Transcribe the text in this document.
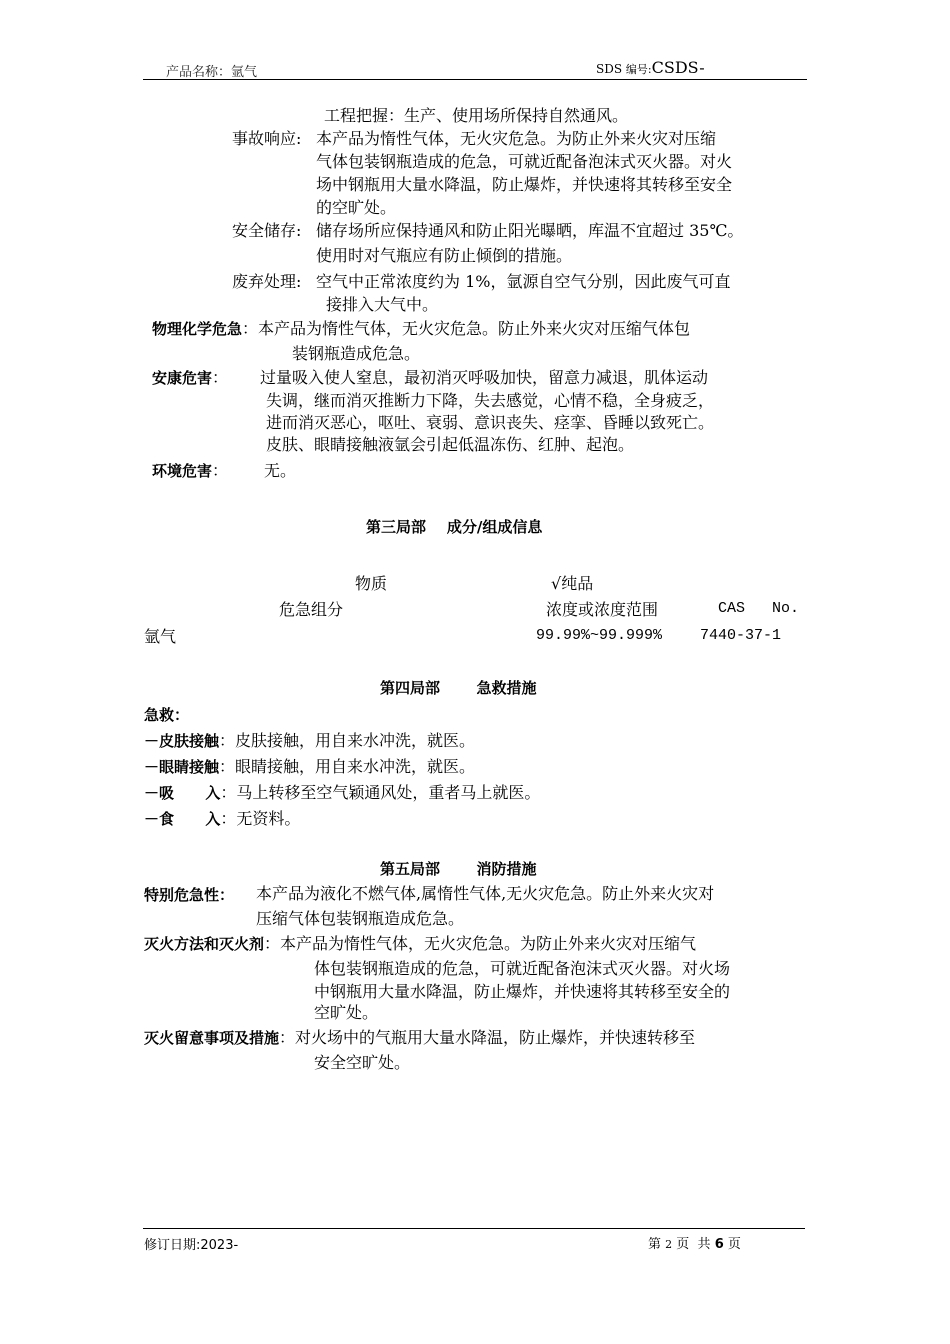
产品名称：氩气	SDS 编号:CSDS-
工程把握：生产、使用场所保持自然通风。
事故响应: 本产品为惰性气体，无火灾危急。为防止外来火灾对压缩
气体包装钢瓶造成的危急，可就近配备泡沫式灭火器。对火
场中钢瓶用大量水降温，防止爆炸，并快速将其转移至安全
的空旷处。
安全储存: 储存场所应保持通风和防止阳光曝晒，库温不宜超过 35℃。
使用时对气瓶应有防止倾倒的措施。
废弃处理: 空气中正常浓度约为 1%，氩源自空气分别，因此废气可直
接排入大气中。
物理化学危急：本产品为惰性气体，无火灾危急。防止外来火灾对压缩气体包
装钢瓶造成危急。
安康危害： 过量吸入使人窒息，最初消灭呼吸加快，留意力减退，肌体运动
失调，继而消灭推断力下降，失去感觉，心情不稳，全身疲乏，
进而消灭恶心，呕吐、衰弱、意识丧失、痉挛、昏睡以致死亡。
皮肤、眼睛接触液氩会引起低温冻伤、红肿、起泡。
环境危害： 无。
第三局部    成分/组成信息
物质	√纯品
危急组分	浓度或浓度范围	CAS   No.
氩气	99.99%~99.999%	7440-37-1
第四局部       急救措施
急救：
－皮肤接触：皮肤接触，用自来水冲洗，就医。
－眼睛接触：眼睛接触，用自来水冲洗，就医。
－吸      入：马上转移至空气颖通风处，重者马上就医。
－食      入：无资料。
第五局部       消防措施
特别危急性： 本产品为液化不燃气体,属惰性气体,无火灾危急。防止外来火灾对
压缩气体包装钢瓶造成危急。
灭火方法和灭火剂：本产品为惰性气体，无火灾危急。为防止外来火灾对压缩气
体包装钢瓶造成的危急，可就近配备泡沫式灭火器。对火场
中钢瓶用大量水降温，防止爆炸，并快速将其转移至安全的
空旷处。
灭火留意事项及措施：对火场中的气瓶用大量水降温，防止爆炸，并快速转移至
安全空旷处。
修订日期:2023-	第 2 页  共 6 页
